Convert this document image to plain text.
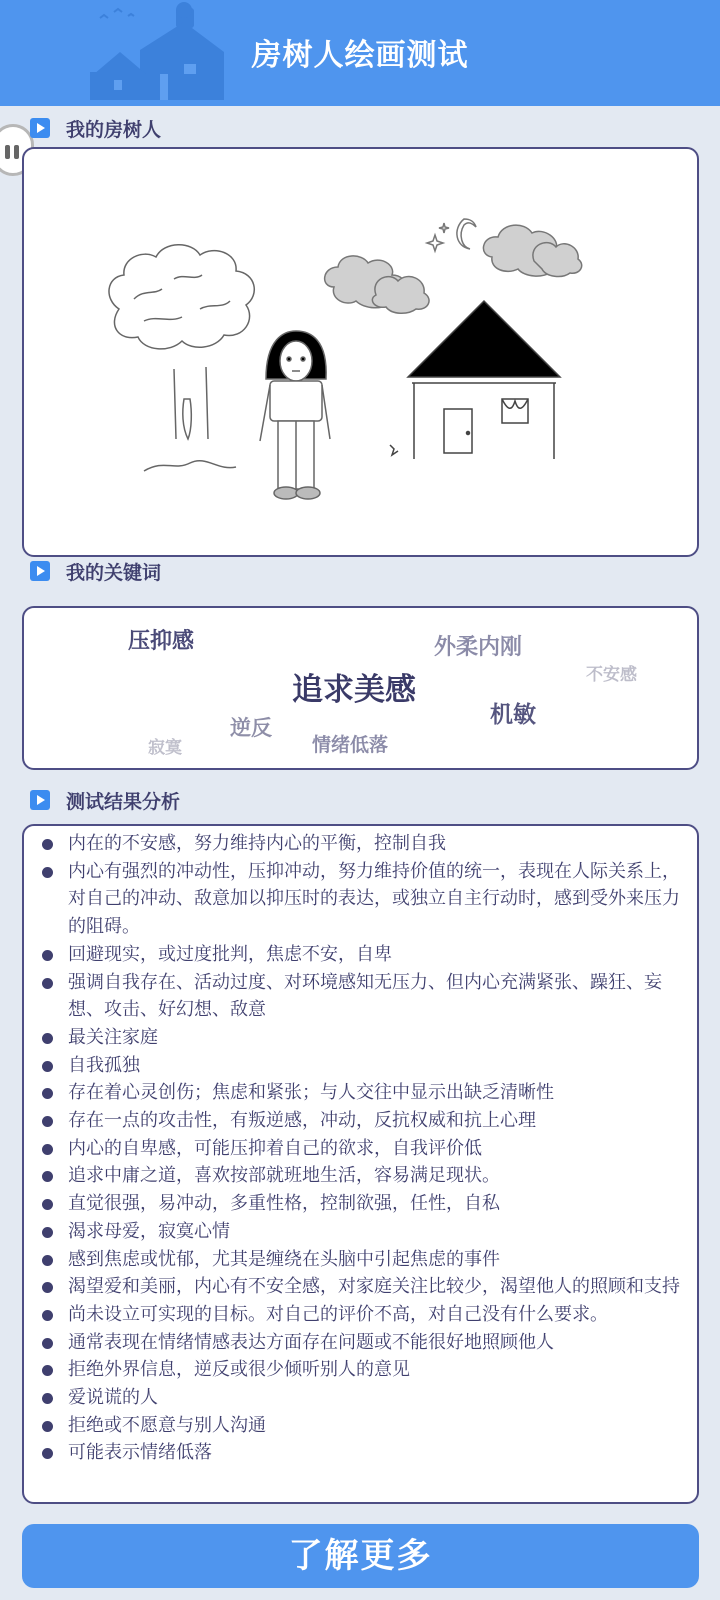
房树人绘画测试
我的房树人
我的关键词
压抑感	外柔内刚
不安感
追求美感
机敏
逆反
寂寞	情绪低落
测试结果分析
内在的不安感，努力维持内心的平衡，控制自我
内心有强烈的冲动性，压抑冲动，努力维持价值的统一，表现在人际关系上，对自己的冲动、敌意加以抑压时的表达，或独立自主行动时，感到受外来压力的阻碍。
回避现实，或过度批判，焦虑不安，自卑
强调自我存在、活动过度、对环境感知无压力、但内心充满紧张、躁狂、妄想、攻击、好幻想、敌意
最关注家庭
自我孤独
存在着心灵创伤；焦虑和紧张；与人交往中显示出缺乏清晰性
存在一点的攻击性，有叛逆感，冲动，反抗权威和抗上心理
内心的自卑感，可能压抑着自己的欲求，自我评价低
追求中庸之道，喜欢按部就班地生活，容易满足现状。
直觉很强，易冲动，多重性格，控制欲强，任性，自私
渴求母爱，寂寞心情
感到焦虑或忧郁，尤其是缠绕在头脑中引起焦虑的事件
渴望爱和美丽，内心有不安全感，对家庭关注比较少，渴望他人的照顾和支持
尚未设立可实现的目标。对自己的评价不高，对自己没有什么要求。
通常表现在情绪情感表达方面存在问题或不能很好地照顾他人
拒绝外界信息，逆反或很少倾听别人的意见
爱说谎的人
拒绝或不愿意与别人沟通
可能表示情绪低落
了解更多
